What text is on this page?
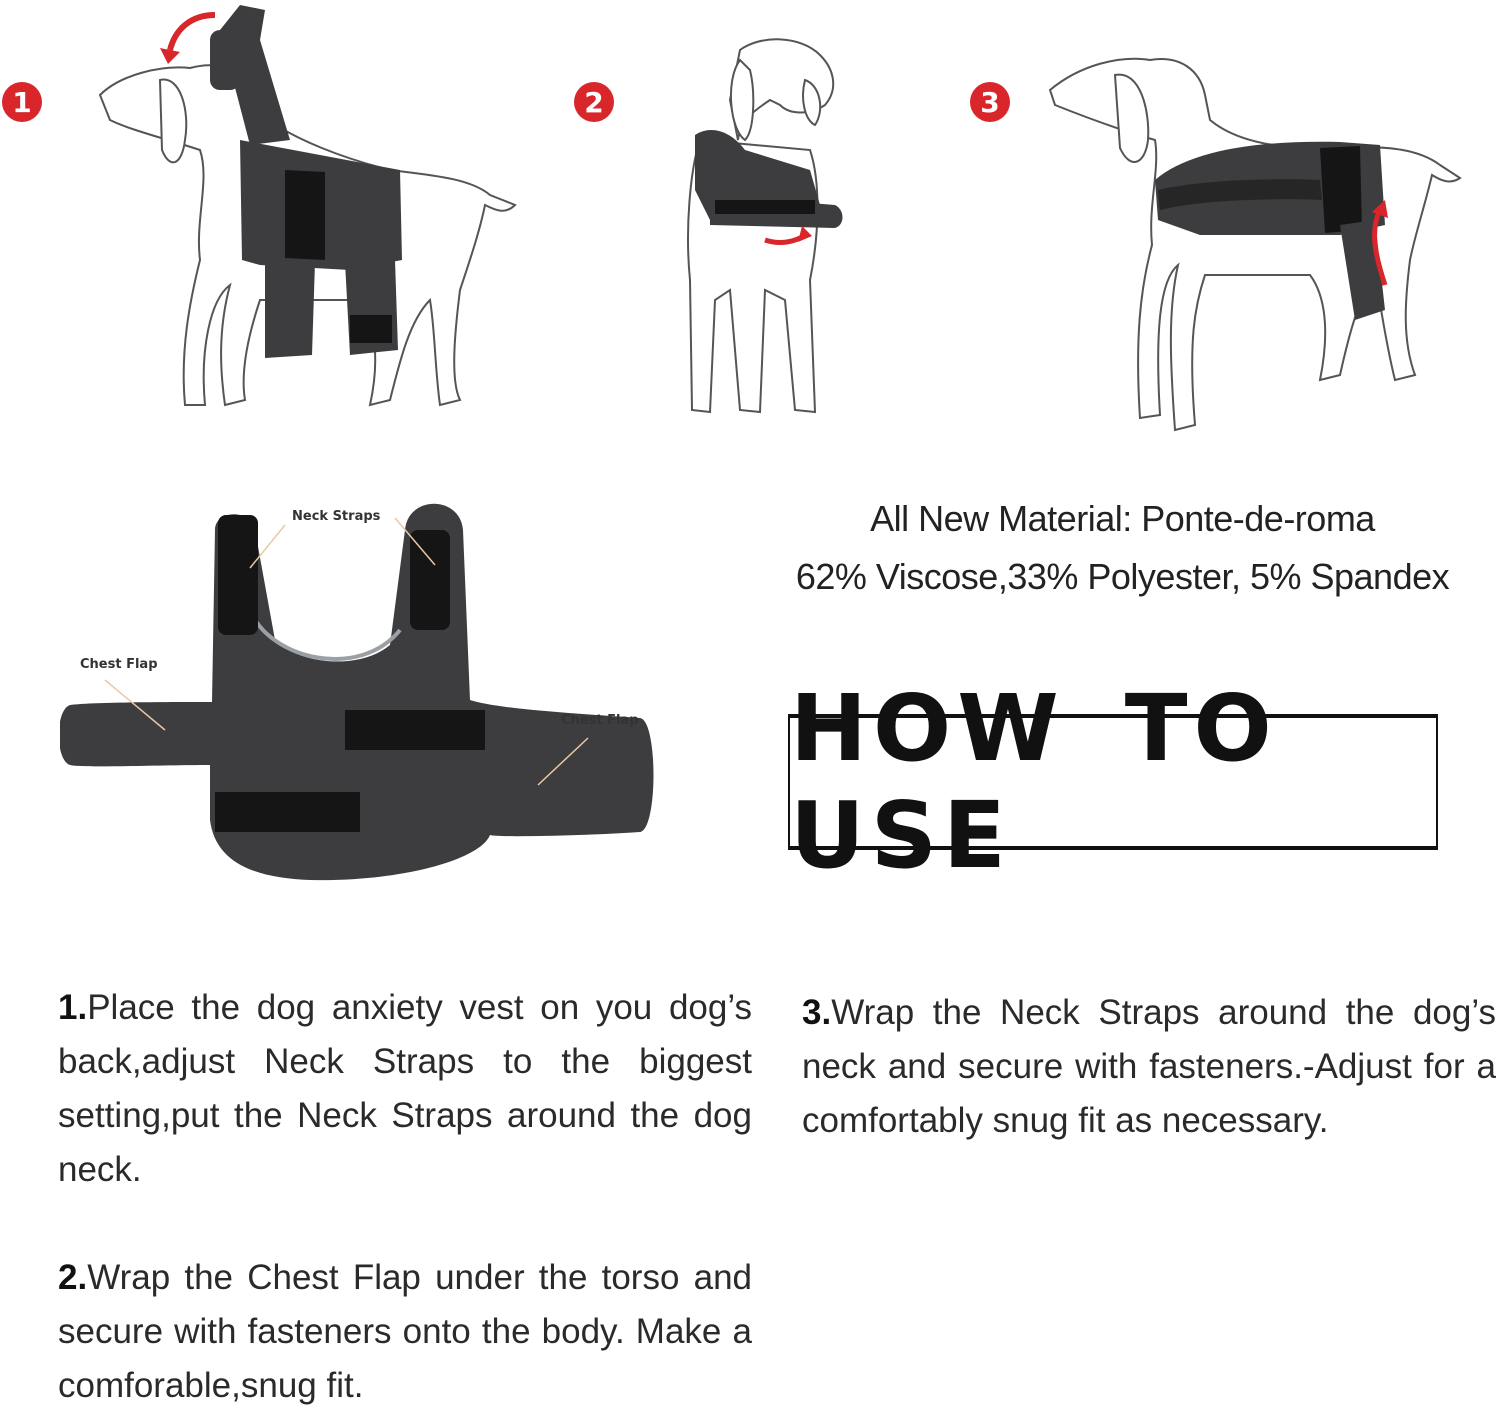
1	2	3
Neck Straps
Chest Flap
Chest Flap
All New Material: Ponte-de-roma
62% Viscose,33% Polyester, 5% Spandex
HOW TO USE
1.Place the dog anxiety vest on you dog’s back,adjust Neck Straps to the biggest setting,put the Neck Straps around the dog neck.
2.Wrap the Chest Flap under the torso and secure with fasteners onto the body. Make a comforable,snug fit.
3.Wrap the Neck Straps around the dog’s neck and secure with fasteners.-Adjust for a comfortably snug fit as necessary.
